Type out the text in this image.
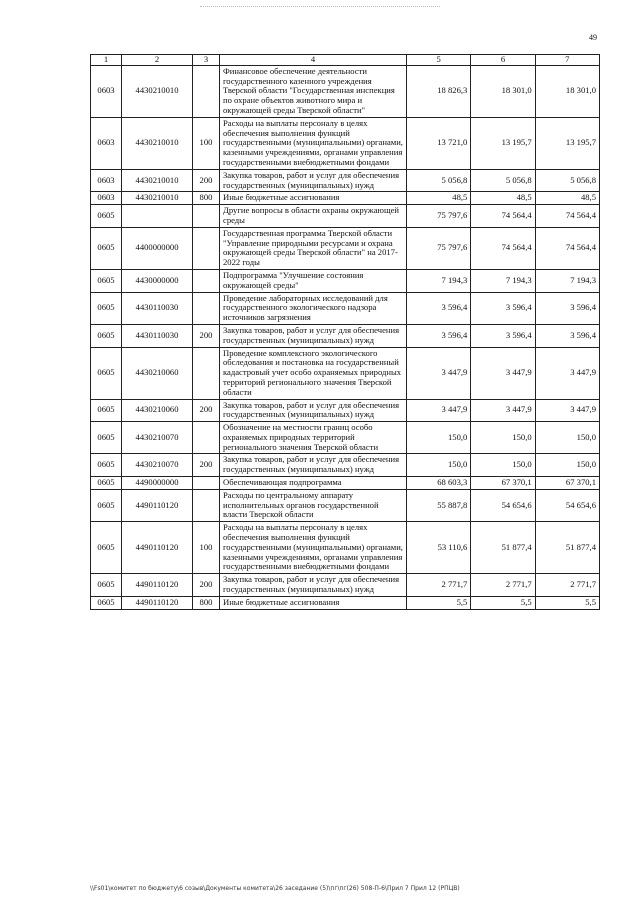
49
1	2	3	4	5	6	7
0603	4430210010		Финансовое обеспечение деятельности государственного казенного учреждения Тверской области "Государственная инспекция по охране объектов животного мира и окружающей среды Тверской области"	18 826,3	18 301,0	18 301,0
0603	4430210010	100	Расходы на выплаты персоналу в целях обеспечения выполнения функций государственными (муниципальными) органами, казенными учреждениями, органами управления государственными внебюджетными фондами	13 721,0	13 195,7	13 195,7
0603	4430210010	200	Закупка товаров, работ и услуг для обеспечения государственных (муниципальных) нужд	5 056,8	5 056,8	5 056,8
0603	4430210010	800	Иные бюджетные ассигнования	48,5	48,5	48,5
0605			Другие вопросы в области охраны окружающей среды	75 797,6	74 564,4	74 564,4
0605	4400000000		Государственная программа Тверской области "Управление природными ресурсами и охрана окружающей среды Тверской области" на 2017-2022 годы	75 797,6	74 564,4	74 564,4
0605	4430000000		Подпрограмма "Улучшение состояния окружающей среды"	7 194,3	7 194,3	7 194,3
0605	4430110030		Проведение лабораторных исследований для государственного экологического надзора источников загрязнения	3 596,4	3 596,4	3 596,4
0605	4430110030	200	Закупка товаров, работ и услуг для обеспечения государственных (муниципальных) нужд	3 596,4	3 596,4	3 596,4
0605	4430210060		Проведение комплексного экологического обследования и постановка на государственный кадастровый учет особо охраняемых природных территорий регионального значения Тверской области	3 447,9	3 447,9	3 447,9
0605	4430210060	200	Закупка товаров, работ и услуг для обеспечения государственных (муниципальных) нужд	3 447,9	3 447,9	3 447,9
0605	4430210070		Обозначение на местности границ особо охраняемых природных территорий регионального значения Тверской области	150,0	150,0	150,0
0605	4430210070	200	Закупка товаров, работ и услуг для обеспечения государственных (муниципальных) нужд	150,0	150,0	150,0
0605	4490000000		Обеспечивающая подпрограмма	68 603,3	67 370,1	67 370,1
0605	4490110120		Расходы по центральному аппарату исполнительных органов государственной власти Тверской области	55 887,8	54 654,6	54 654,6
0605	4490110120	100	Расходы на выплаты персоналу в целях обеспечения выполнения функций государственными (муниципальными) органами, казенными учреждениями, органами управления государственными внебюджетными фондами	53 110,6	51 877,4	51 877,4
0605	4490110120	200	Закупка товаров, работ и услуг для обеспечения государственных (муниципальных) нужд	2 771,7	2 771,7	2 771,7
0605	4490110120	800	Иные бюджетные ассигнования	5,5	5,5	5,5
\\Fs01\комитет по бюджету\6 созыв\Документы комитета\26 заседание (5)\пг\пг(26) 508-П-6\Прил 7 Прил 12 (РПЦВ)
